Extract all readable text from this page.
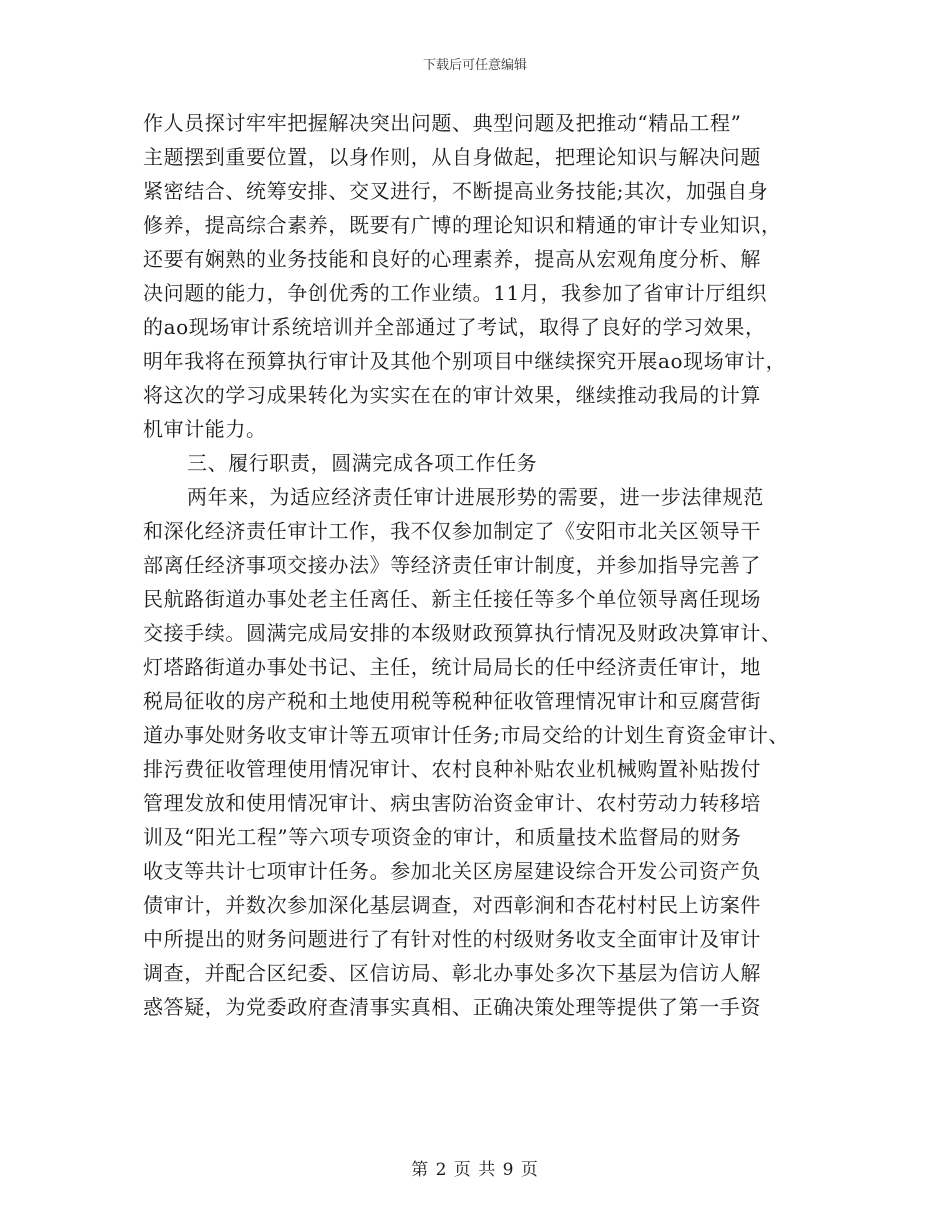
下载后可任意编辑
作人员探讨牢牢把握解决突出问题、典型问题及把推动“精品工程”
主题摆到重要位置，以身作则，从自身做起，把理论知识与解决问题
紧密结合、统筹安排、交叉进行，不断提高业务技能;其次，加强自身
修养，提高综合素养，既要有广博的理论知识和精通的审计专业知识，
还要有娴熟的业务技能和良好的心理素养，提高从宏观角度分析、解
决问题的能力，争创优秀的工作业绩。11月，我参加了省审计厅组织
的ao现场审计系统培训并全部通过了考试，取得了良好的学习效果，
明年我将在预算执行审计及其他个别项目中继续探究开展ao现场审计，
将这次的学习成果转化为实实在在的审计效果，继续推动我局的计算
机审计能力。
三、履行职责，圆满完成各项工作任务
两年来，为适应经济责任审计进展形势的需要，进一步法律规范
和深化经济责任审计工作，我不仅参加制定了《安阳市北关区领导干
部离任经济事项交接办法》等经济责任审计制度，并参加指导完善了
民航路街道办事处老主任离任、新主任接任等多个单位领导离任现场
交接手续。圆满完成局安排的本级财政预算执行情况及财政决算审计、
灯塔路街道办事处书记、主任，统计局局长的任中经济责任审计，地
税局征收的房产税和土地使用税等税种征收管理情况审计和豆腐营街
道办事处财务收支审计等五项审计任务;市局交给的计划生育资金审计、
排污费征收管理使用情况审计、农村良种补贴农业机械购置补贴拨付
管理发放和使用情况审计、病虫害防治资金审计、农村劳动力转移培
训及“阳光工程”等六项专项资金的审计，和质量技术监督局的财务
收支等共计七项审计任务。参加北关区房屋建设综合开发公司资产负
债审计，并数次参加深化基层调查，对西彰涧和杏花村村民上访案件
中所提出的财务问题进行了有针对性的村级财务收支全面审计及审计
调查，并配合区纪委、区信访局、彰北办事处多次下基层为信访人解
惑答疑，为党委政府查清事实真相、正确决策处理等提供了第一手资
第 2 页 共 9 页
